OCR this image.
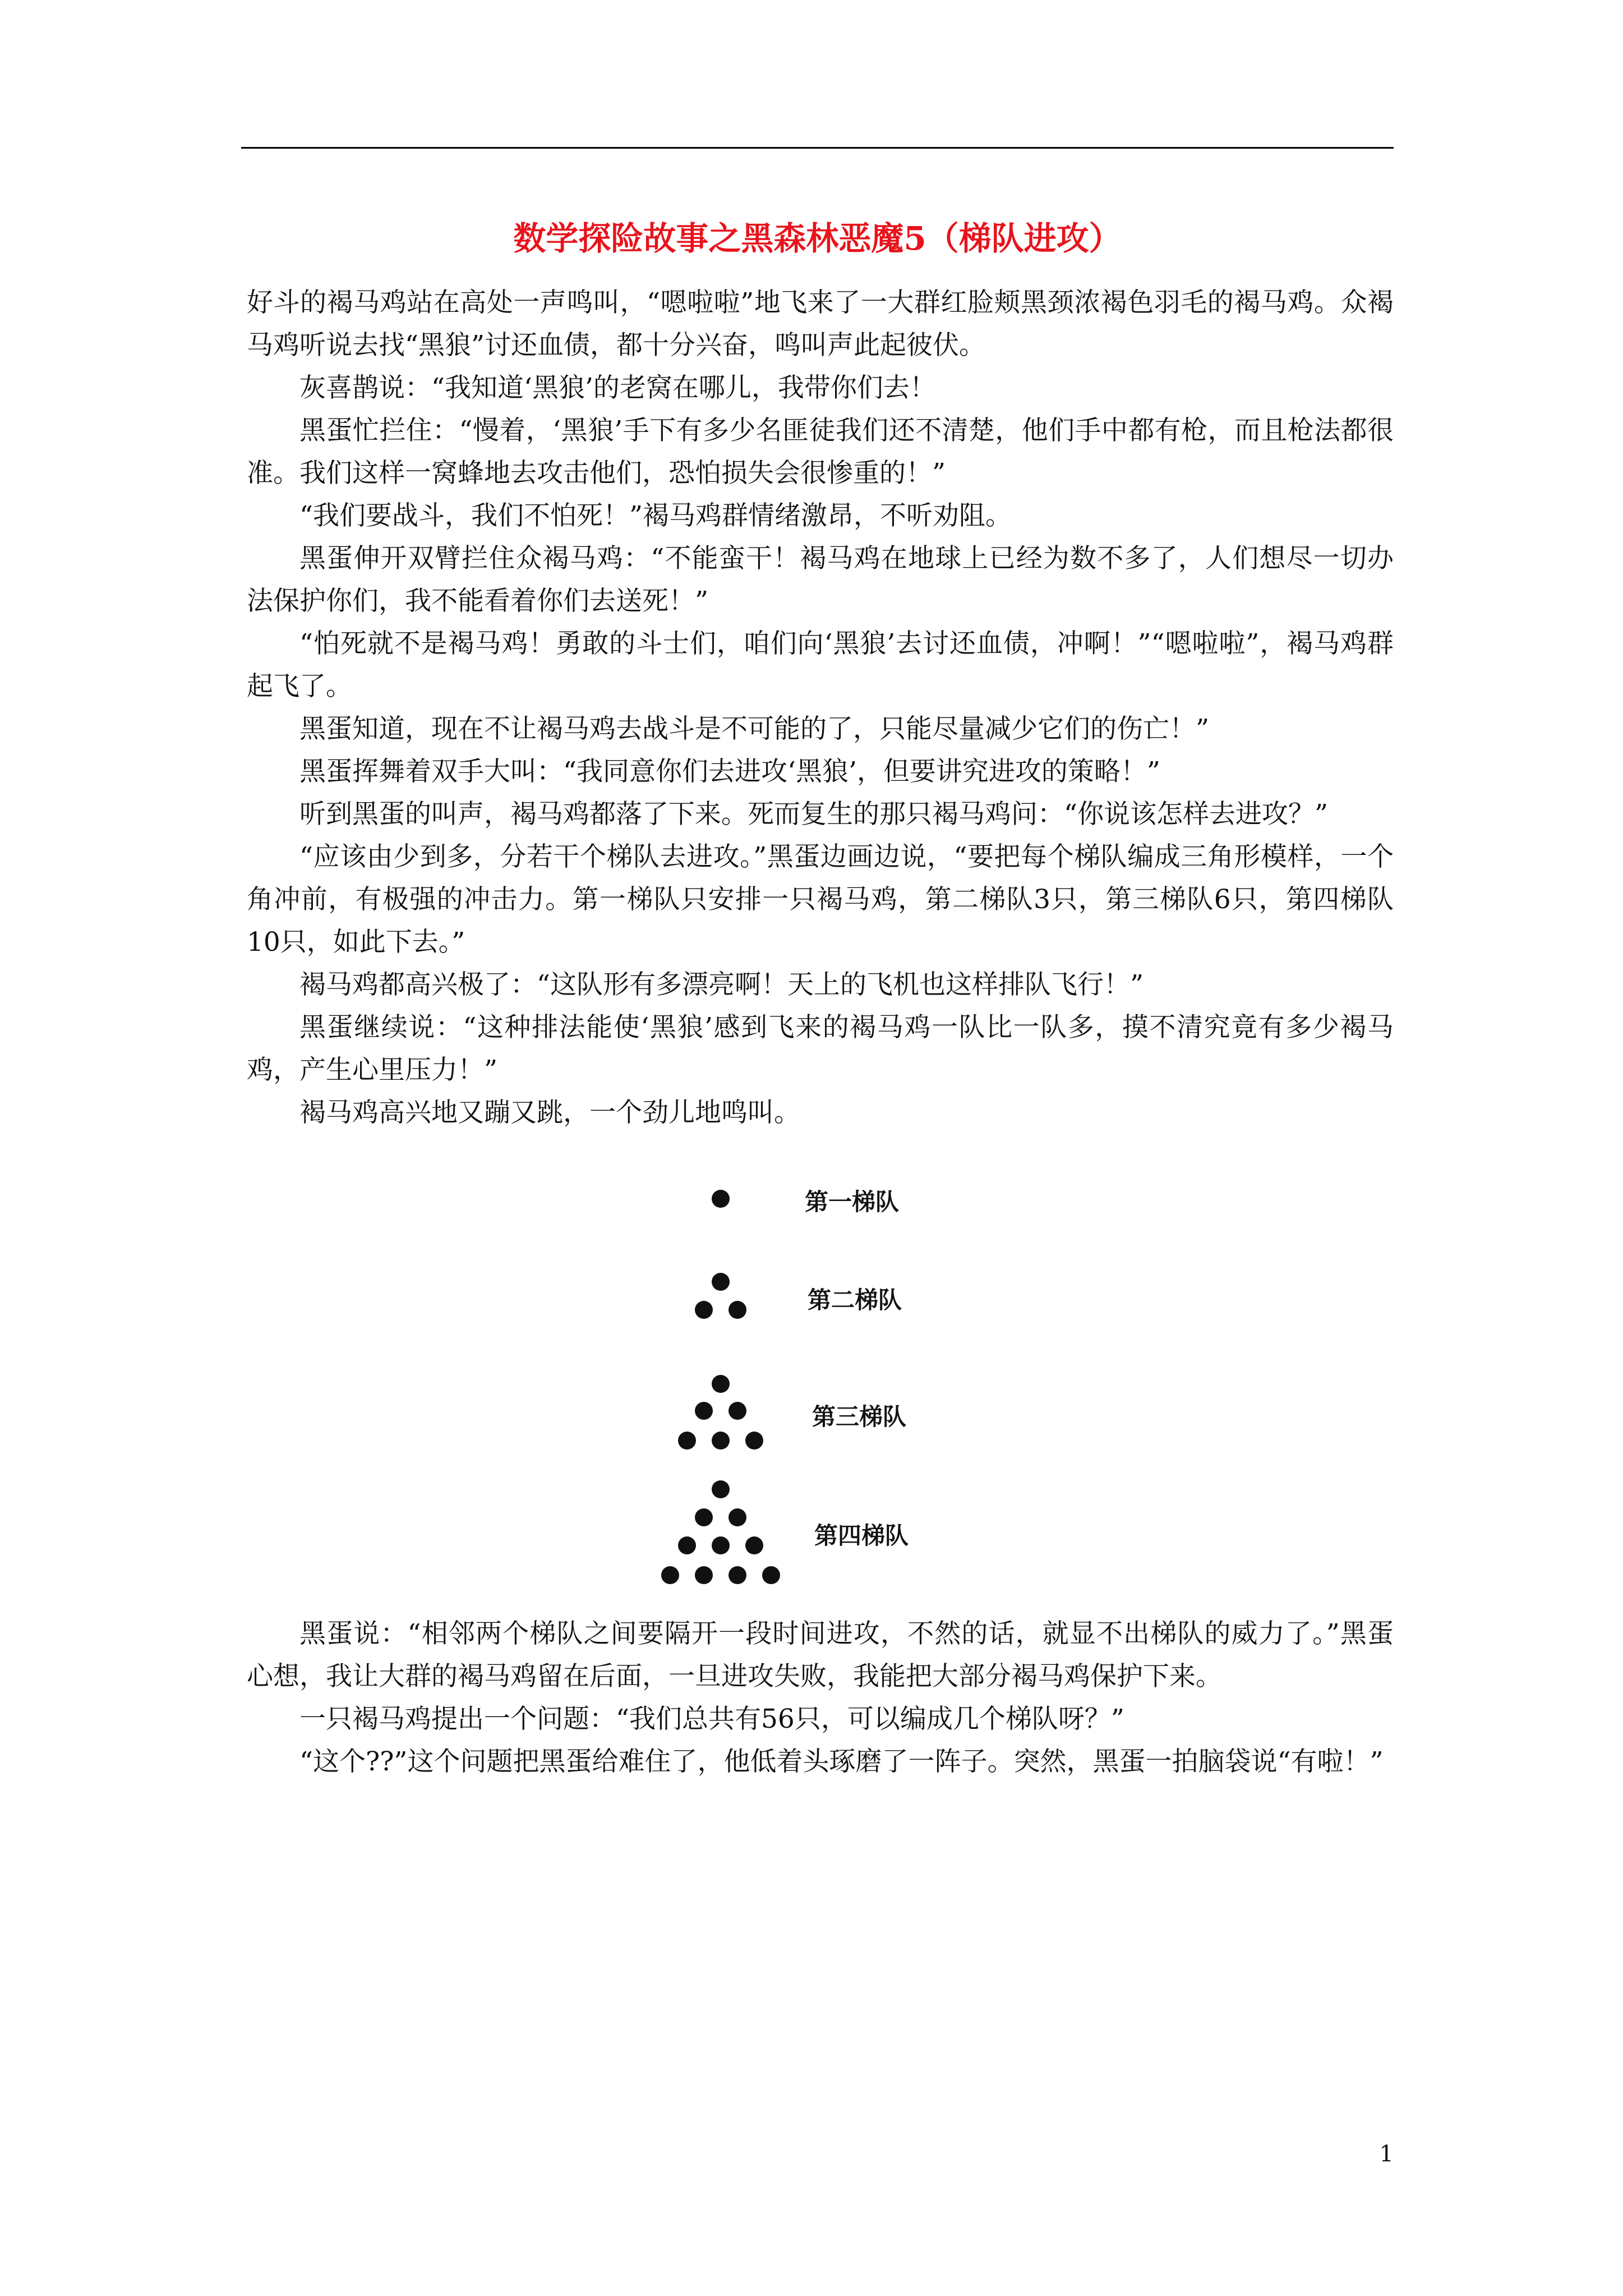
数学探险故事之黑森林恶魔5（梯队进攻）

好斗的褐马鸡站在高处一声鸣叫，“嗯啦啦”地飞来了一大群红脸颊黑颈浓褐色羽毛的褐马鸡。众褐马鸡听说去找“黑狼”讨还血债，都十分兴奋，鸣叫声此起彼伏。

灰喜鹊说：“我知道‘黑狼’的老窝在哪儿，我带你们去！

黑蛋忙拦住：“慢着，‘黑狼’手下有多少名匪徒我们还不清楚，他们手中都有枪，而且枪法都很准。我们这样一窝蜂地去攻击他们，恐怕损失会很惨重的！”

“我们要战斗，我们不怕死！”褐马鸡群情绪激昂，不听劝阻。

黑蛋伸开双臂拦住众褐马鸡：“不能蛮干！褐马鸡在地球上已经为数不多了，人们想尽一切办法保护你们，我不能看着你们去送死！”

“怕死就不是褐马鸡！勇敢的斗士们，咱们向‘黑狼’去讨还血债，冲啊！”“嗯啦啦”，褐马鸡群起飞了。

黑蛋知道，现在不让褐马鸡去战斗是不可能的了，只能尽量减少它们的伤亡！”

黑蛋挥舞着双手大叫：“我同意你们去进攻‘黑狼’，但要讲究进攻的策略！”

听到黑蛋的叫声，褐马鸡都落了下来。死而复生的那只褐马鸡问：“你说该怎样去进攻？”

“应该由少到多，分若干个梯队去进攻。”黑蛋边画边说，“要把每个梯队编成三角形模样，一个角冲前，有极强的冲击力。第一梯队只安排一只褐马鸡，第二梯队3只，第三梯队6只，第四梯队10只，如此下去。”

褐马鸡都高兴极了：“这队形有多漂亮啊！天上的飞机也这样排队飞行！”

黑蛋继续说：“这种排法能使‘黑狼’感到飞来的褐马鸡一队比一队多，摸不清究竟有多少褐马鸡，产生心里压力！”

褐马鸡高兴地又蹦又跳，一个劲儿地鸣叫。

第一梯队
第二梯队
第三梯队
第四梯队

黑蛋说：“相邻两个梯队之间要隔开一段时间进攻，不然的话，就显不出梯队的威力了。”黑蛋心想，我让大群的褐马鸡留在后面，一旦进攻失败，我能把大部分褐马鸡保护下来。

一只褐马鸡提出一个问题：“我们总共有56只，可以编成几个梯队呀？”

“这个??”这个问题把黑蛋给难住了，他低着头琢磨了一阵子。突然，黑蛋一拍脑袋说“有啦！”

1
